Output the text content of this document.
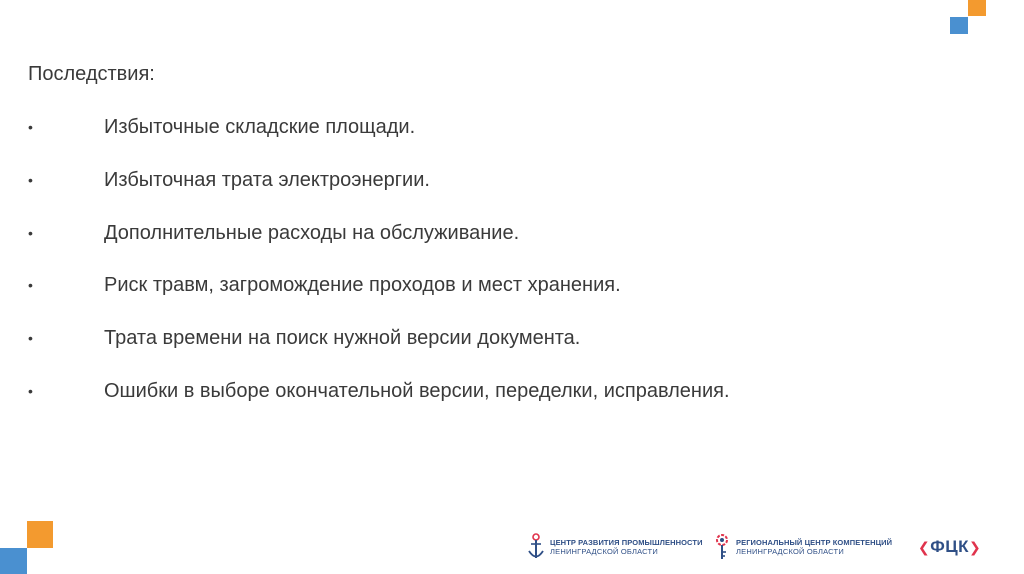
Последствия:
•	Избыточные складские площади.
•	Избыточная трата электроэнергии.
•	Дополнительные расходы на обслуживание.
•	Риск травм, загромождение проходов и мест хранения.
•	Трата времени на поиск нужной версии документа.
•	Ошибки в выборе окончательной версии, переделки, исправления.
ЦЕНТР РАЗВИТИЯ ПРОМЫШЛЕННОСТИ
ЛЕНИНГРАДСКОЙ ОБЛАСТИ
РЕГИОНАЛЬНЫЙ ЦЕНТР КОМПЕТЕНЦИЙ
ЛЕНИНГРАДСКОЙ ОБЛАСТИ	❮ ФЦК ❯
